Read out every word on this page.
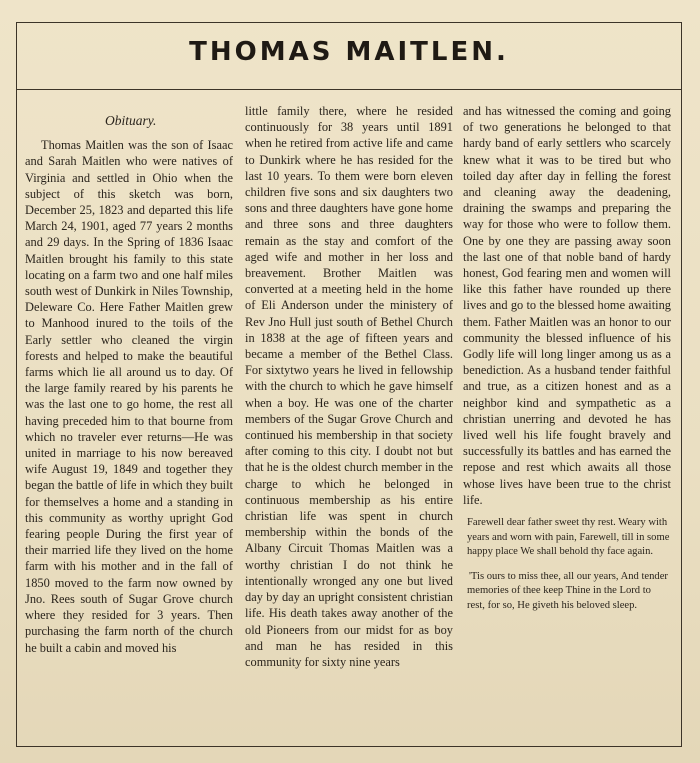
THOMAS MAITLEN.
Obituary.

Thomas Maitlen was the son of Isaac and Sarah Maitlen who were natives of Virginia and settled in Ohio when the subject of this sketch was born, December 25, 1823 and departed this life March 24, 1901, aged 77 years 2 months and 29 days. In the Spring of 1836 Isaac Maitlen brought his family to this state locating on a farm two and one half miles south west of Dunkirk in Niles Township, Deleware Co. Here Father Maitlen grew to Manhood inured to the toils of the Early settler who cleaned the virgin forests and helped to make the beautiful farms which lie all around us to day. Of the large family reared by his parents he was the last one to go home, the rest all having preceded him to that bourne from which no traveler ever returns—He was united in marriage to his now bereaved wife August 19, 1849 and together they began the battle of life in which they built for themselves a home and a standing in this community as worthy upright God fearing people During the first year of their married life they lived on the home farm with his mother and in the fall of 1850 moved to the farm now owned by Jno. Rees south of Sugar Grove church where they resided for 3 years. Then purchasing the farm north of the church he built a cabin and moved his

little family there, where he resided continuously for 38 years until 1891 when he retired from active life and came to Dunkirk where he has resided for the last 10 years. To them were born eleven children five sons and six daughters two sons and three daughters have gone home and three sons and three daughters remain as the stay and comfort of the aged wife and mother in her loss and breavement. Brother Maitlen was converted at a meeting held in the home of Eli Anderson under the ministery of Rev Jno Hull just south of Bethel Church in 1838 at the age of fifteen years and became a member of the Bethel Class. For sixtytwo years he lived in fellowship with the church to which he gave himself when a boy. He was one of the charter members of the Sugar Grove Church and continued his membership in that society after coming to this city. I doubt not but that he is the oldest church member in the charge to which he belonged in continuous membership as his entire christian life was spent in church membership within the bonds of the Albany Circuit Thomas Maitlen was a worthy christian I do not think he intentionally wronged any one but lived day by day an upright consistent christian life. His death takes away another of the old Pioneers from our midst for as boy and man he has resided in this community for sixty nine years

and has witnessed the coming and going of two generations he belonged to that hardy band of early settlers who scarcely knew what it was to be tired but who toiled day after day in felling the forest and cleaning away the deadening, draining the swamps and preparing the way for those who were to follow them. One by one they are passing away soon the last one of that noble band of hardy honest, God fearing men and women will like this father have rounded up there lives and go to the blessed home awaiting them. Father Maitlen was an honor to our community the blessed influence of his Godly life will long linger among us as a benediction. As a husband tender faithful and true, as a citizen honest and as a neighbor kind and sympathetic as a christian unerring and devoted he has lived well his life fought bravely and successfully its battles and has earned the repose and rest which awaits all those whose lives have been true to the christ life.

Farewell dear father sweet thy rest. Weary with years and worn with pain, Farewell, till in some happy place We shall behold thy face again.

'Tis ours to miss thee, all our years, And tender memories of thee keep Thine in the Lord to rest, for so, He giveth his beloved sleep.
